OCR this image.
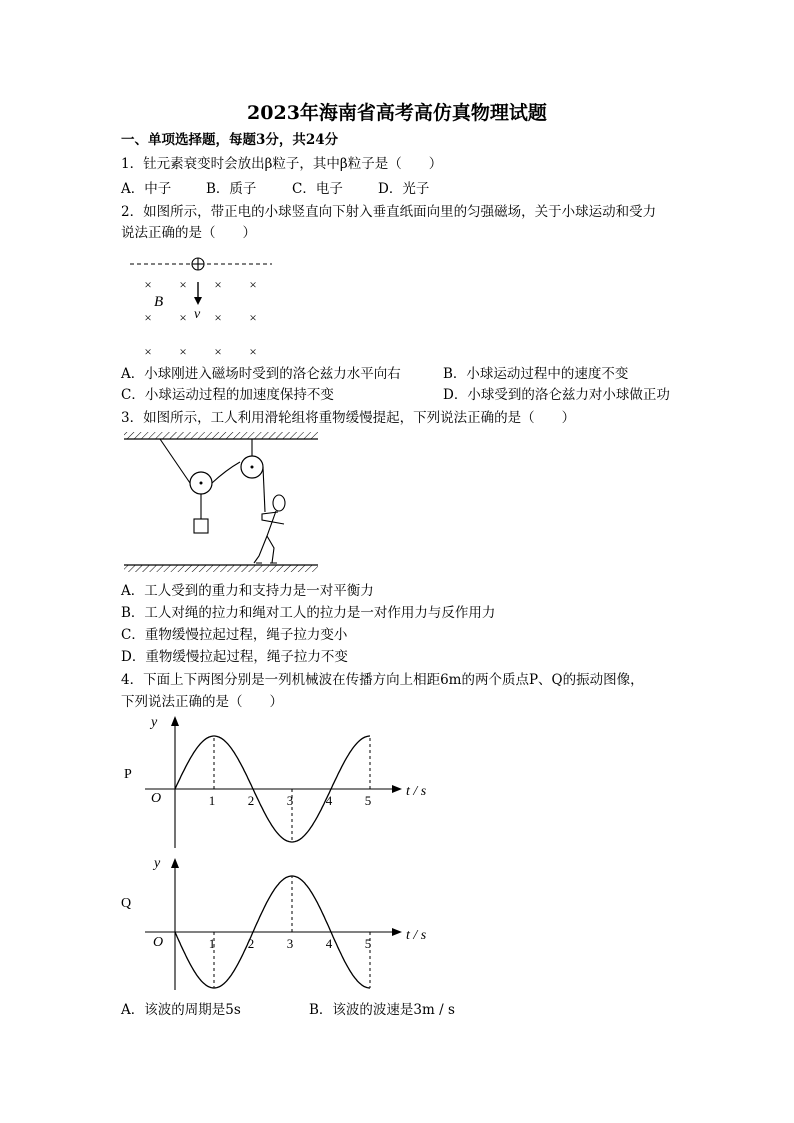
2023年海南省高考高仿真物理试题
一、单项选择题，每题3分，共24分
1．钍元素衰变时会放出β粒子，其中β粒子是（　　）
A．中子	B．质子	C．电子	D．光子
2．如图所示，带正电的小球竖直向下射入垂直纸面向里的匀强磁场，关于小球运动和受力
说法正确的是（　　）
× × × ×
× × × ×
× × × ×
B
v
A．小球刚进入磁场时受到的洛仑兹力水平向右	B．小球运动过程中的速度不变
C．小球运动过程的加速度保持不变	D．小球受到的洛仑兹力对小球做正功
3．如图所示，工人利用滑轮组将重物缓慢提起，下列说法正确的是（　　）
A．工人受到的重力和支持力是一对平衡力
B．工人对绳的拉力和绳对工人的拉力是一对作用力与反作用力
C．重物缓慢拉起过程，绳子拉力变小
D．重物缓慢拉起过程，绳子拉力不变
4．下面上下两图分别是一列机械波在传播方向上相距6m的两个质点P、Q的振动图像，
下列说法正确的是（　　）
y
t / s
O
P
1	2	3	4	5
y
t / s
O
Q
1	2	3	4	5
A．该波的周期是5s	B．该波的波速是3m / s
